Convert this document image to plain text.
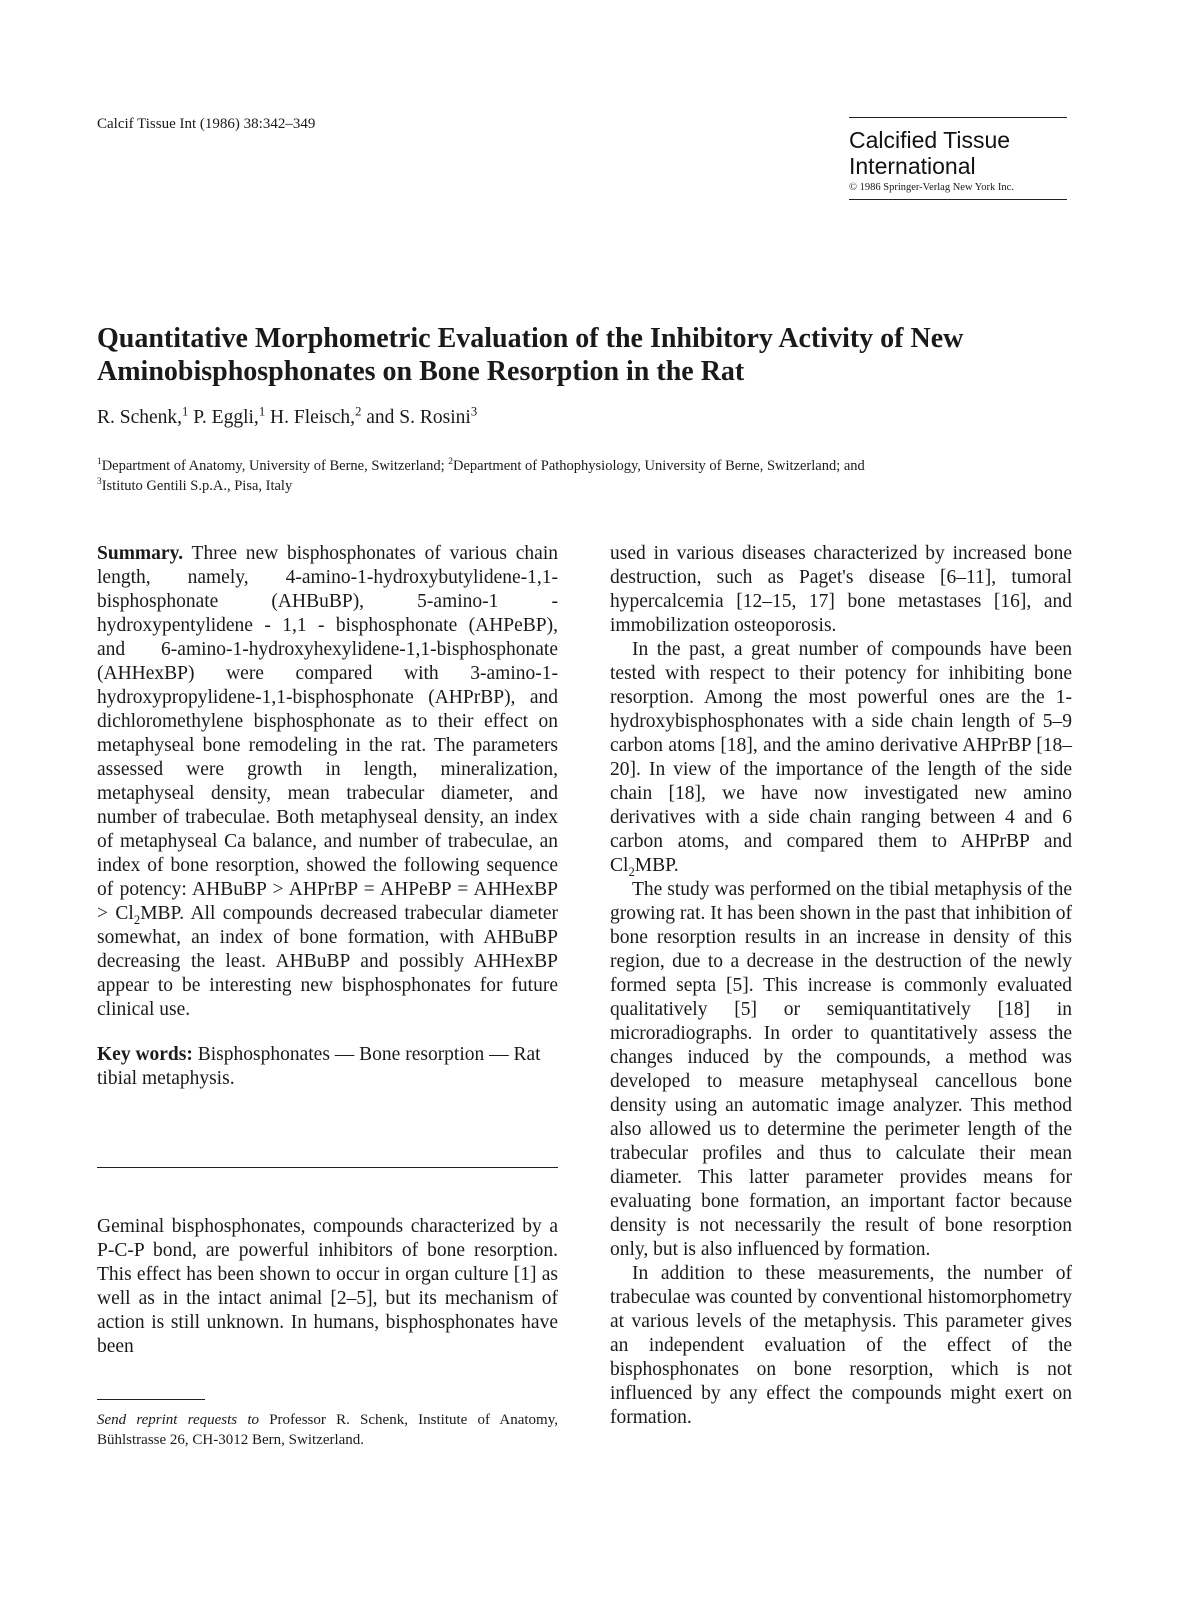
Calcif Tissue Int (1986) 38:342–349
Calcified Tissue
International
© 1986 Springer-Verlag New York Inc.
Quantitative Morphometric Evaluation of the Inhibitory Activity of New
Aminobisphosphonates on Bone Resorption in the Rat
R. Schenk,$^1$ P. Eggli,$^1$ H. Fleisch,$^2$ and S. Rosini$^3$
$^1$Department of Anatomy, University of Berne, Switzerland; $^2$Department of Pathophysiology, University of Berne, Switzerland; and
$^3$Istituto Gentili S.p.A., Pisa, Italy

Summary. Three new bisphosphonates of various chain length, namely, 4-amino-1-hydroxybutylidene-1,1-bisphosphonate (AHBuBP), 5-amino-1 - hydroxypentylidene - 1,1 - bisphosphonate (AHPeBP), and 6-amino-1-hydroxyhexylidene-1,1-bisphosphonate (AHHexBP) were compared with 3-amino-1-hydroxypropylidene-1,1-bisphosphonate (AHPrBP), and dichloromethylene bisphosphonate as to their effect on metaphyseal bone remodeling in the rat. The parameters assessed were growth in length, mineralization, metaphyseal density, mean trabecular diameter, and number of trabeculae. Both metaphyseal density, an index of metaphyseal Ca balance, and number of trabeculae, an index of bone resorption, showed the following sequence of potency: AHBuBP > AHPrBP = AHPeBP = AHHexBP > $Cl_2MBP$. All compounds decreased trabecular diameter somewhat, an index of bone formation, with AHBuBP decreasing the least. AHBuBP and possibly AHHexBP appear to be interesting new bisphosphonates for future clinical use.

Key words: Bisphosphonates — Bone resorption — Rat tibial metaphysis.

Geminal bisphosphonates, compounds characterized by a P-C-P bond, are powerful inhibitors of bone resorption. This effect has been shown to occur in organ culture [1] as well as in the intact animal [2–5], but its mechanism of action is still unknown. In humans, bisphosphonates have been

Send reprint requests to Professor R. Schenk, Institute of Anatomy, Bühlstrasse 26, CH-3012 Bern, Switzerland.

used in various diseases characterized by increased bone destruction, such as Paget's disease [6–11], tumoral hypercalcemia [12–15, 17] bone metastases [16], and immobilization osteoporosis.

In the past, a great number of compounds have been tested with respect to their potency for inhibiting bone resorption. Among the most powerful ones are the 1-hydroxybisphosphonates with a side chain length of 5–9 carbon atoms [18], and the amino derivative AHPrBP [18–20]. In view of the importance of the length of the side chain [18], we have now investigated new amino derivatives with a side chain ranging between 4 and 6 carbon atoms, and compared them to AHPrBP and $Cl_2MBP$.

The study was performed on the tibial metaphysis of the growing rat. It has been shown in the past that inhibition of bone resorption results in an increase in density of this region, due to a decrease in the destruction of the newly formed septa [5]. This increase is commonly evaluated qualitatively [5] or semiquantitatively [18] in microradiographs. In order to quantitatively assess the changes induced by the compounds, a method was developed to measure metaphyseal cancellous bone density using an automatic image analyzer. This method also allowed us to determine the perimeter length of the trabecular profiles and thus to calculate their mean diameter. This latter parameter provides means for evaluating bone formation, an important factor because density is not necessarily the result of bone resorption only, but is also influenced by formation.

In addition to these measurements, the number of trabeculae was counted by conventional histomorphometry at various levels of the metaphysis. This parameter gives an independent evaluation of the effect of the bisphosphonates on bone resorption, which is not influenced by any effect the compounds might exert on formation.
